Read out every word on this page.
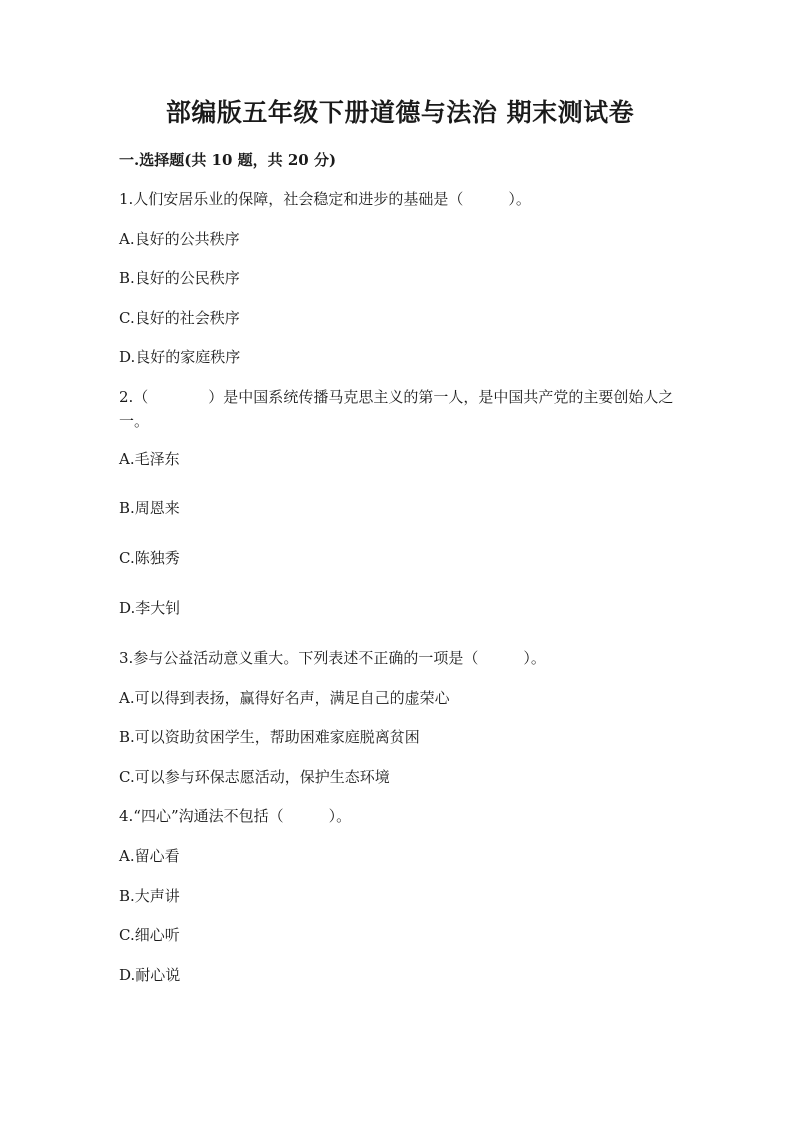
部编版五年级下册道德与法治 期末测试卷
一.选择题(共 10 题，共 20 分)
1.人们安居乐业的保障，社会稳定和进步的基础是（　　　）。
A.良好的公共秩序
B.良好的公民秩序
C.良好的社会秩序
D.良好的家庭秩序
2.（　　　　）是中国系统传播马克思主义的第一人，是中国共产党的主要创始人之一。
A.毛泽东
B.周恩来
C.陈独秀
D.李大钊
3.参与公益活动意义重大。下列表述不正确的一项是（　　　）。
A.可以得到表扬，赢得好名声，满足自己的虚荣心
B.可以资助贫困学生，帮助困难家庭脱离贫困
C.可以参与环保志愿活动，保护生态环境
4.“四心”沟通法不包括（　　　）。
A.留心看
B.大声讲
C.细心听
D.耐心说
